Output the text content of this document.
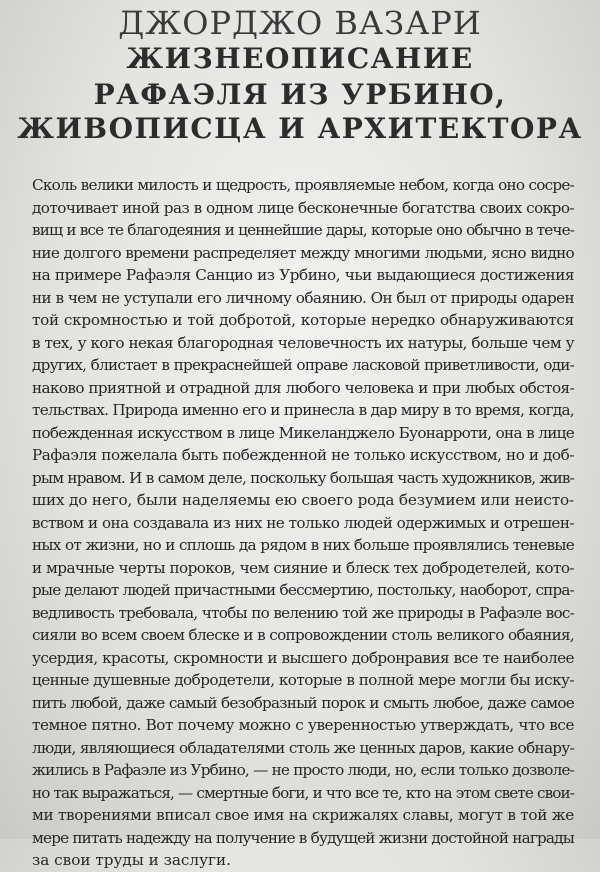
ДЖОРДЖО ВАЗАРИ
ЖИЗНЕОПИСАНИЕ
РАФАЭЛЯ ИЗ УРБИНО,
ЖИВОПИСЦА И АРХИТЕКТОРА
Сколь велики милость и щедрость, проявляемые небом, когда оно сосре-
доточивает иной раз в одном лице бесконечные богатства своих сокро-
вищ и все те благодеяния и ценнейшие дары, которые оно обычно в тече-
ние долгого времени распределяет между многими людьми, ясно видно
на примере Рафаэля Санцио из Урбино, чьи выдающиеся достижения
ни в чем не уступали его личному обаянию. Он был от природы одарен
той скромностью и той добротой, которые нередко обнаруживаются
в тех, у кого некая благородная человечность их натуры, больше чем у
других, блистает в прекраснейшей оправе ласковой приветливости, оди-
наково приятной и отрадной для любого человека и при любых обстоя-
тельствах. Природа именно его и принесла в дар миру в то время, когда,
побежденная искусством в лице Микеланджело Буонарроти, она в лице
Рафаэля пожелала быть побежденной не только искусством, но и доб-
рым нравом. И в самом деле, поскольку большая часть художников, жив-
ших до него, были наделяемы ею своего рода безумием или неисто-
вством и она создавала из них не только людей одержимых и отрешен-
ных от жизни, но и сплошь да рядом в них больше проявлялись теневые
и мрачные черты пороков, чем сияние и блеск тех добродетелей, кото-
рые делают людей причастными бессмертию, постольку, наоборот, спра-
ведливость требовала, чтобы по велению той же природы в Рафаэле вос-
сияли во всем своем блеске и в сопровождении столь великого обаяния,
усердия, красоты, скромности и высшего добронравия все те наиболее
ценные душевные добродетели, которые в полной мере могли бы иску-
пить любой, даже самый безобразный порок и смыть любое, даже самое
темное пятно. Вот почему можно с уверенностью утверждать, что все
люди, являющиеся обладателями столь же ценных даров, какие обнару-
жились в Рафаэле из Урбино, — не просто люди, но, если только дозволе-
но так выражаться, — смертные боги, и что все те, кто на этом свете свои-
ми творениями вписал свое имя на скрижалях славы, могут в той же
мере питать надежду на получение в будущей жизни достойной награды
за свои труды и заслуги.
